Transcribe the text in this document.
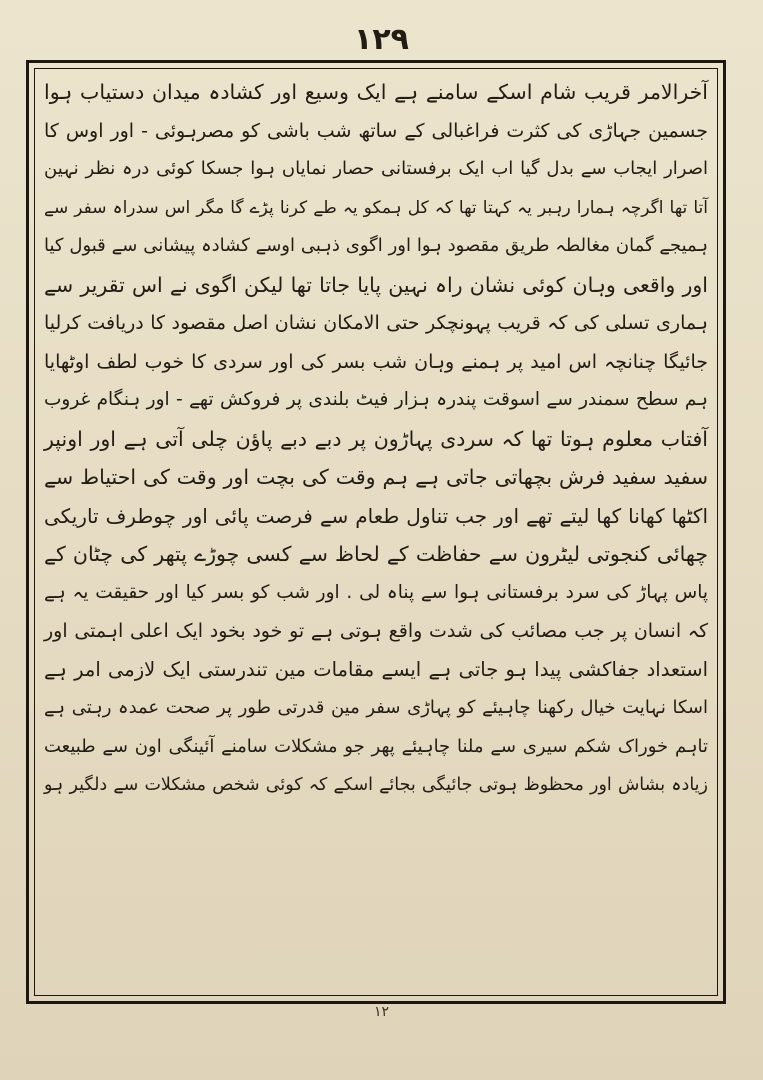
۱۲۹
آخرالامر قریب شام اسکے سامنے ہے ایک وسیع اور کشادہ میدان دستیاب ہوا
جسمین جہاڑی کی کثرت فراغبالی کے ساتھ شب باشی کو مصرہوئی - اور اوس کا
اصرار ایجاب سے بدل گیا اب ایک برفستانی حصار نمایاں ہوا جسکا کوئی درہ نظر نہین
آتا تھا اگرچہ ہمارا رہبر یہ کہتا تھا کہ کل ہمکو یہ طے کرنا پڑے گا مگر اس سدراہ سفر سے
ہمیجے گمان مغالطہ طریق مقصود ہوا اور اگوی ذہبی اوسے کشادہ پیشانی سے قبول کیا
اور واقعی وہان کوئی نشان راہ نہین پایا جاتا تھا لیکن اگوی نے اس تقریر سے
ہماری تسلی کی کہ قریب پہونچکر حتی الامکان نشان اصل مقصود کا دریافت کرلیا
جائیگا چنانچہ اس امید پر ہمنے وہان شب بسر کی اور سردی کا خوب لطف اوٹھایا
ہم سطح سمندر سے اسوقت پندرہ ہزار فیٹ بلندی پر فروکش تھے - اور ہنگام غروب
آفتاب معلوم ہوتا تھا کہ سردی پہاڑون پر دبے دبے پاؤن چلی آتی ہے اور اونپر
سفید سفید فرش بچھاتی جاتی ہے ہم وقت کی بچت اور وقت کی احتیاط سے
اکٹھا کھانا کھا لیتے تھے اور جب تناول طعام سے فرصت پائی اور چوطرف تاریکی
چھائی کنجوتی لیٹرون سے حفاظت کے لحاظ سے کسی چوڑے پتھر کی چٹان کے
پاس پہاڑ کی سرد برفستانی ہوا سے پناہ لی . اور شب کو بسر کیا اور حقیقت یہ ہے
کہ انسان پر جب مصائب کی شدت واقع ہوتی ہے تو خود بخود ایک اعلی اہمتی اور
استعداد جفاکشی پیدا ہو جاتی ہے ایسے مقامات مین تندرستی ایک لازمی امر ہے
اسکا نہایت خیال رکھنا چاہیئے کو پہاڑی سفر مین قدرتی طور پر صحت عمدہ رہتی ہے
تاہم خوراک شکم سیری سے ملنا چاہیئے پھر جو مشکلات سامنے آئینگی اون سے طبیعت
زیادہ بشاش اور محظوظ ہوتی جائیگی بجائے اسکے کہ کوئی شخص مشکلات سے دلگیر ہو
۱۲
